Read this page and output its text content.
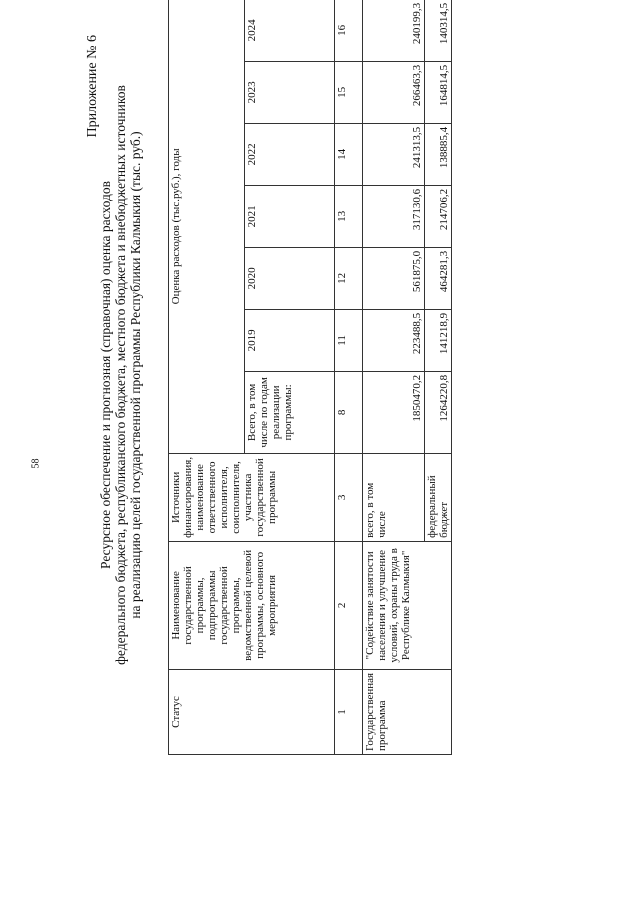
58
Приложение № 6
Ресурсное обеспечение и прогнозная (справочная) оценка расходов федерального бюджета, республиканского бюджета, местного бюджета и внебюджетных источников на реализацию целей государственной программы Республики Калмыкия (тыс. руб.)
Статус	Наименование государственной программы, подпрограммы государственной программы, ведомственной целевой программы, основного мероприятия	Источники финансирования, наименование ответственного исполнителя, соисполнителя, участника государственной программы	Оценка расходов (тыс.руб.), годы						
			Всего, в том числе по годам реализации программы:	2019	2020	2021	2022	2023	2024
1	2	3	8	11	12	13	14	15	16
Государственная программа	"Содействие занятости населения и улучшение условий, охраны труда в Республике Калмыкия"	всего, в том числе	1850470,2	223488,5	561875,0	317130,6	241313,5	266463,3	240199,3
		федеральный бюджет	1264220,8	141218,9	464281,3	214706,2	138885,4	164814,5	140314,5
